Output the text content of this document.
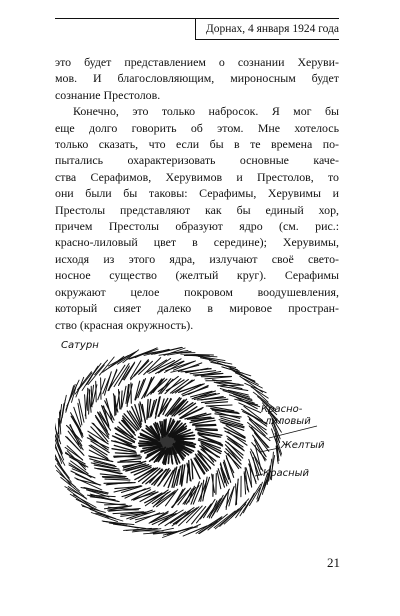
Дорнах, 4 января 1924 года

это будет представлением о сознании Херуви-
мов. И благословляющим, мироносным будет
сознание Престолов.

Конечно, это только набросок. Я мог бы
еще долго говорить об этом. Мне хотелось
только сказать, что если бы в те времена по-
пытались охарактеризовать основные каче-
ства Серафимов, Херувимов и Престолов, то
они были бы таковы: Серафимы, Херувимы и
Престолы представляют как бы единый хор,
причем Престолы образуют ядро (см. рис.:
красно-лиловый цвет в середине); Херувимы,
исходя из этого ядра, излучают своё свето-
носное существо (желтый круг). Серафимы
окружают целое покровом воодушевления,
который сияет далеко в мировое простран-
ство (красная окружность).

Сатурн
Красно-
лиловый
Желтый
Красный
21
